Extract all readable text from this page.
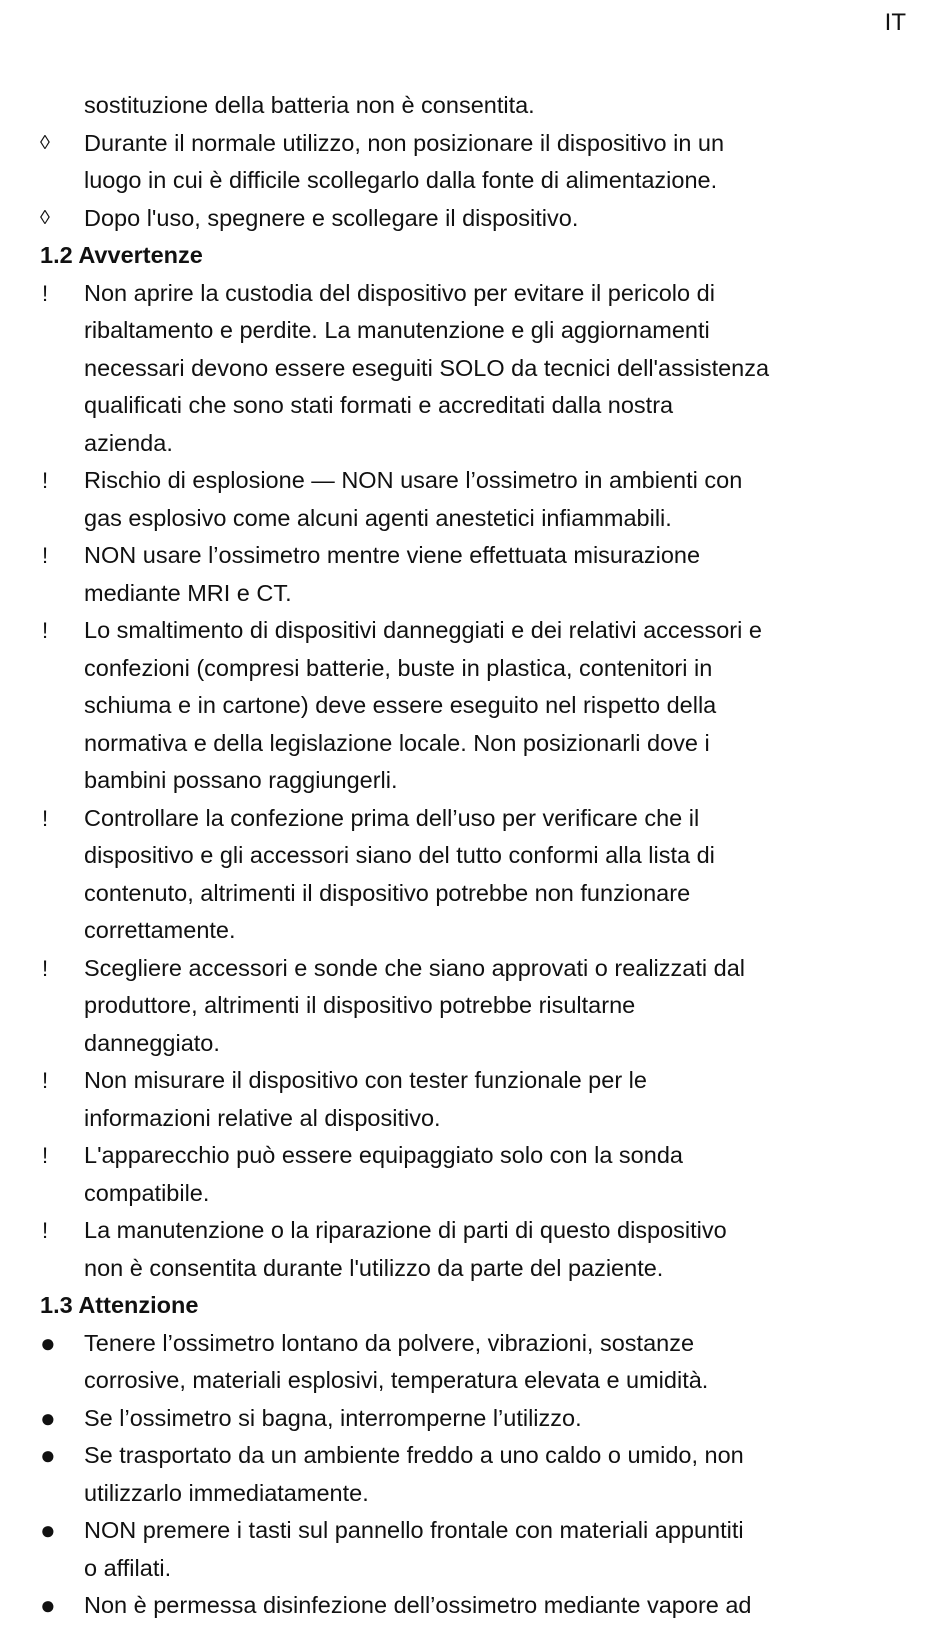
IT
sostituzione della batteria non è consentita.
◊	Durante il normale utilizzo, non posizionare il dispositivo in un
luogo in cui è difficile scollegarlo dalla fonte di alimentazione.
◊	Dopo l'uso, spegnere e scollegare il dispositivo.
1.2 Avvertenze
!	Non aprire la custodia del dispositivo per evitare il pericolo di
ribaltamento e perdite. La manutenzione e gli aggiornamenti
necessari devono essere eseguiti SOLO da tecnici dell'assistenza
qualificati che sono stati formati e accreditati dalla nostra
azienda.
!	Rischio di esplosione — NON usare l’ossimetro in ambienti con
gas esplosivo come alcuni agenti anestetici infiammabili.
!	NON usare l’ossimetro mentre viene effettuata misurazione
mediante MRI e CT.
!	Lo smaltimento di dispositivi danneggiati e dei relativi accessori e
confezioni (compresi batterie, buste in plastica, contenitori in
schiuma e in cartone) deve essere eseguito nel rispetto della
normativa e della legislazione locale. Non posizionarli dove i
bambini possano raggiungerli.
!	Controllare la confezione prima dell’uso per verificare che il
dispositivo e gli accessori siano del tutto conformi alla lista di
contenuto, altrimenti il dispositivo potrebbe non funzionare
correttamente.
!	Scegliere accessori e sonde che siano approvati o realizzati dal
produttore, altrimenti il dispositivo potrebbe risultarne
danneggiato.
!	Non misurare il dispositivo con tester funzionale per le
informazioni relative al dispositivo.
!	L'apparecchio può essere equipaggiato solo con la sonda
compatibile.
!	La manutenzione o la riparazione di parti di questo dispositivo
non è consentita durante l'utilizzo da parte del paziente.
1.3 Attenzione
●	Tenere l’ossimetro lontano da polvere, vibrazioni, sostanze
corrosive, materiali esplosivi, temperatura elevata e umidità.
●	Se l’ossimetro si bagna, interromperne l’utilizzo.
●	Se trasportato da un ambiente freddo a uno caldo o umido, non
utilizzarlo immediatamente.
●	NON premere i tasti sul pannello frontale con materiali appuntiti
o affilati.
●	Non è permessa disinfezione dell’ossimetro mediante vapore ad
